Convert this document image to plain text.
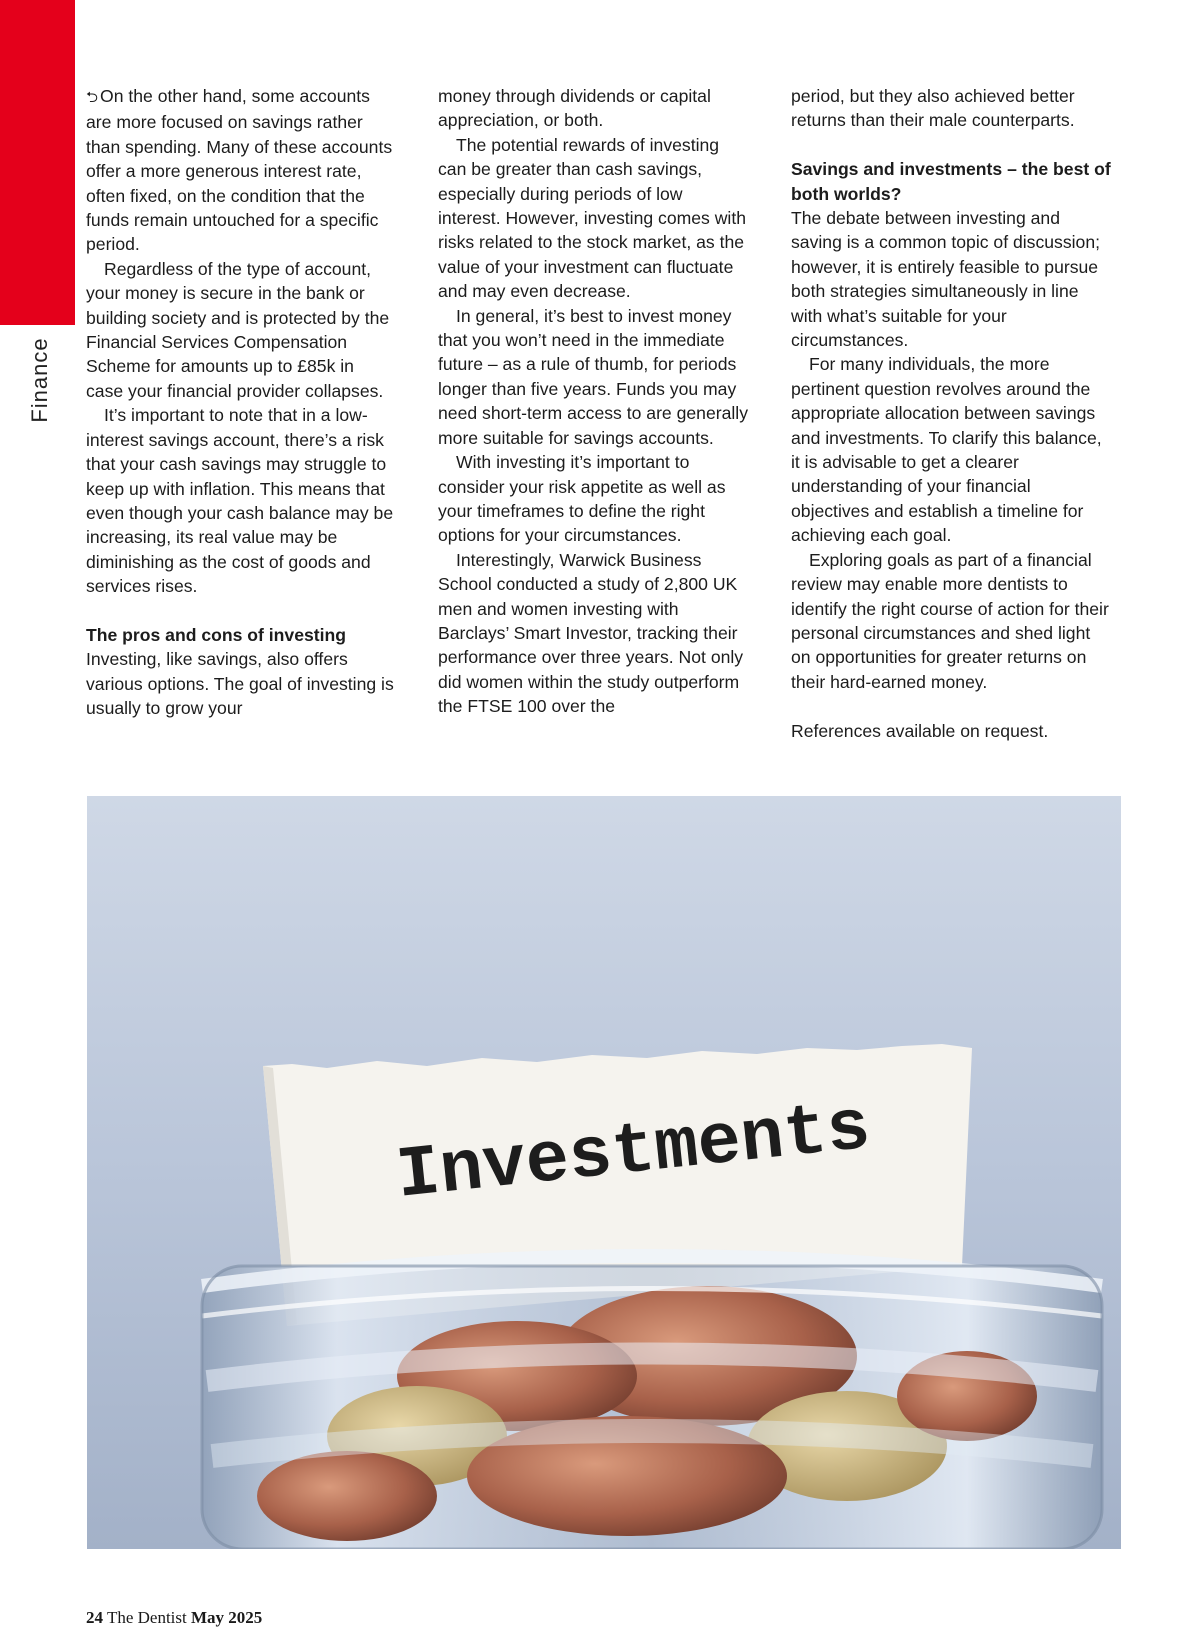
Finance

⮌ On the other hand, some accounts are more focused on savings rather than spending. Many of these accounts offer a more generous interest rate, often fixed, on the condition that the funds remain untouched for a specific period.

Regardless of the type of account, your money is secure in the bank or building society and is protected by the Financial Services Compensation Scheme for amounts up to £85k in case your financial provider collapses.

It’s important to note that in a low-interest savings account, there’s a risk that your cash savings may struggle to keep up with inflation. This means that even though your cash balance may be increasing, its real value may be diminishing as the cost of goods and services rises.

The pros and cons of investing

Investing, like savings, also offers various options. The goal of investing is usually to grow your

money through dividends or capital appreciation, or both.

The potential rewards of investing can be greater than cash savings, especially during periods of low interest. However, investing comes with risks related to the stock market, as the value of your investment can fluctuate and may even decrease.

In general, it’s best to invest money that you won’t need in the immediate future – as a rule of thumb, for periods longer than five years. Funds you may need short-term access to are generally more suitable for savings accounts.

With investing it’s important to consider your risk appetite as well as your timeframes to define the right options for your circumstances.

Interestingly, Warwick Business School conducted a study of 2,800 UK men and women investing with Barclays’ Smart Investor, tracking their performance over three years. Not only did women within the study outperform the FTSE 100 over the

period, but they also achieved better returns than their male counterparts.

Savings and investments – the best of both worlds?

The debate between investing and saving is a common topic of discussion; however, it is entirely feasible to pursue both strategies simultaneously in line with what’s suitable for your circumstances.

For many individuals, the more pertinent question revolves around the appropriate allocation between savings and investments. To clarify this balance, it is advisable to get a clearer understanding of your financial objectives and establish a timeline for achieving each goal.

Exploring goals as part of a financial review may enable more dentists to identify the right course of action for their personal circumstances and shed light on opportunities for greater returns on their hard-earned money.

References available on request.

Investments
24 The Dentist May 2025
